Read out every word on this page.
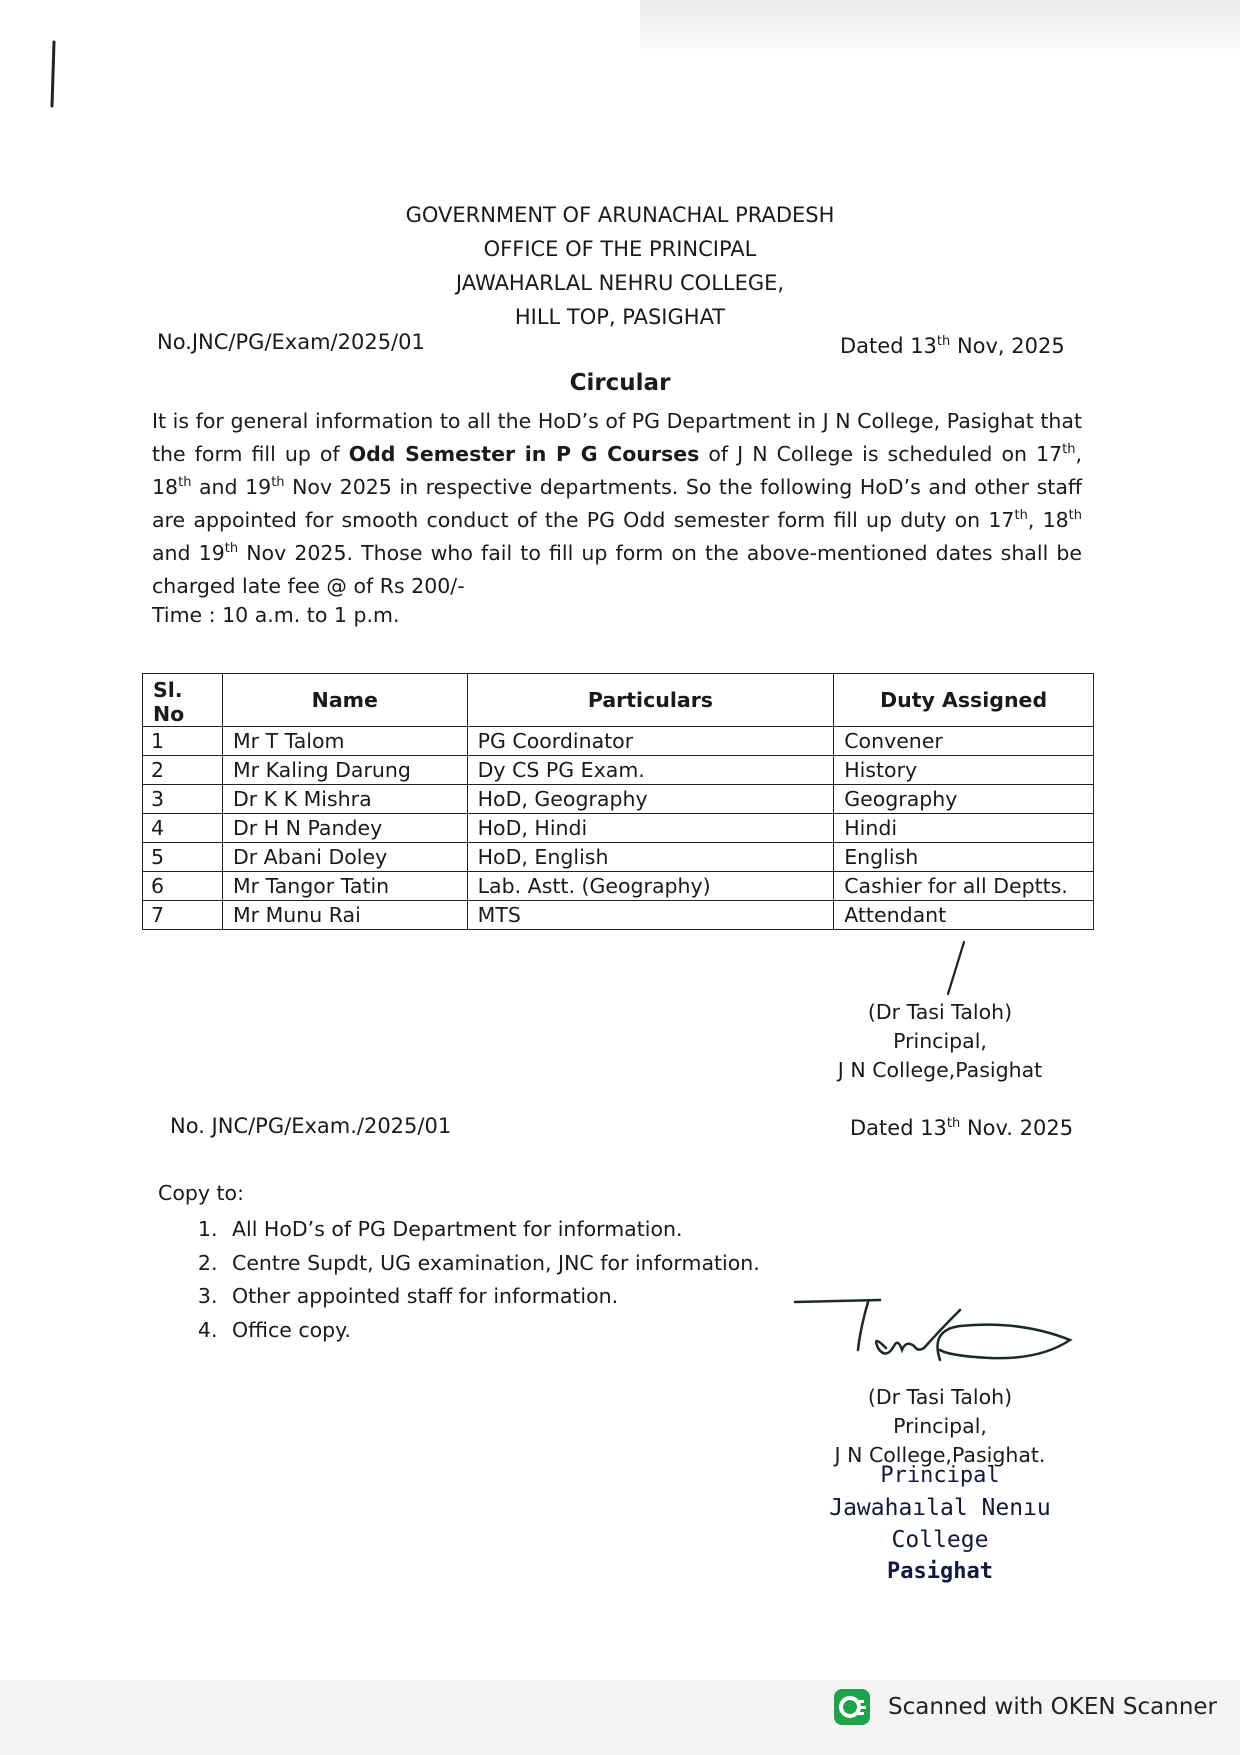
GOVERNMENT OF ARUNACHAL PRADESH
OFFICE OF THE PRINCIPAL
JAWAHARLAL NEHRU COLLEGE,
HILL TOP, PASIGHAT
No.JNC/PG/Exam/2025/01	Dated 13th Nov, 2025
Circular
It is for general information to all the HoD’s of PG Department in J N College, Pasighat that the form fill up of Odd Semester in P G Courses of J N College is scheduled on 17th, 18th and 19th Nov 2025 in respective departments. So the following HoD’s and other staff are appointed for smooth conduct of the PG Odd semester form fill up duty on 17th, 18th and 19th Nov 2025. Those who fail to fill up form on the above-mentioned dates shall be charged late fee @ of Rs 200/-
Time : 10 a.m. to 1 p.m.
Sl. No	Name	Particulars	Duty Assigned
1	Mr T Talom	PG Coordinator	Convener
2	Mr Kaling Darung	Dy CS PG Exam.	History
3	Dr K K Mishra	HoD, Geography	Geography
4	Dr H N Pandey	HoD, Hindi	Hindi
5	Dr Abani Doley	HoD, English	English
6	Mr Tangor Tatin	Lab. Astt. (Geography)	Cashier for all Deptts.
7	Mr Munu Rai	MTS	Attendant
(Dr Tasi Taloh)
Principal,
J N College,Pasighat
No. JNC/PG/Exam./2025/01	Dated 13th Nov. 2025
Copy to:
1. All HoD’s of PG Department for information.
2. Centre Supdt, UG examination, JNC for information.
3. Other appointed staff for information.
4. Office copy.
(Dr Tasi Taloh)
Principal,
J N College,Pasighat.
Principal
Jawahaılal Nenıu College
Pasighat
Scanned with OKEN Scanner
